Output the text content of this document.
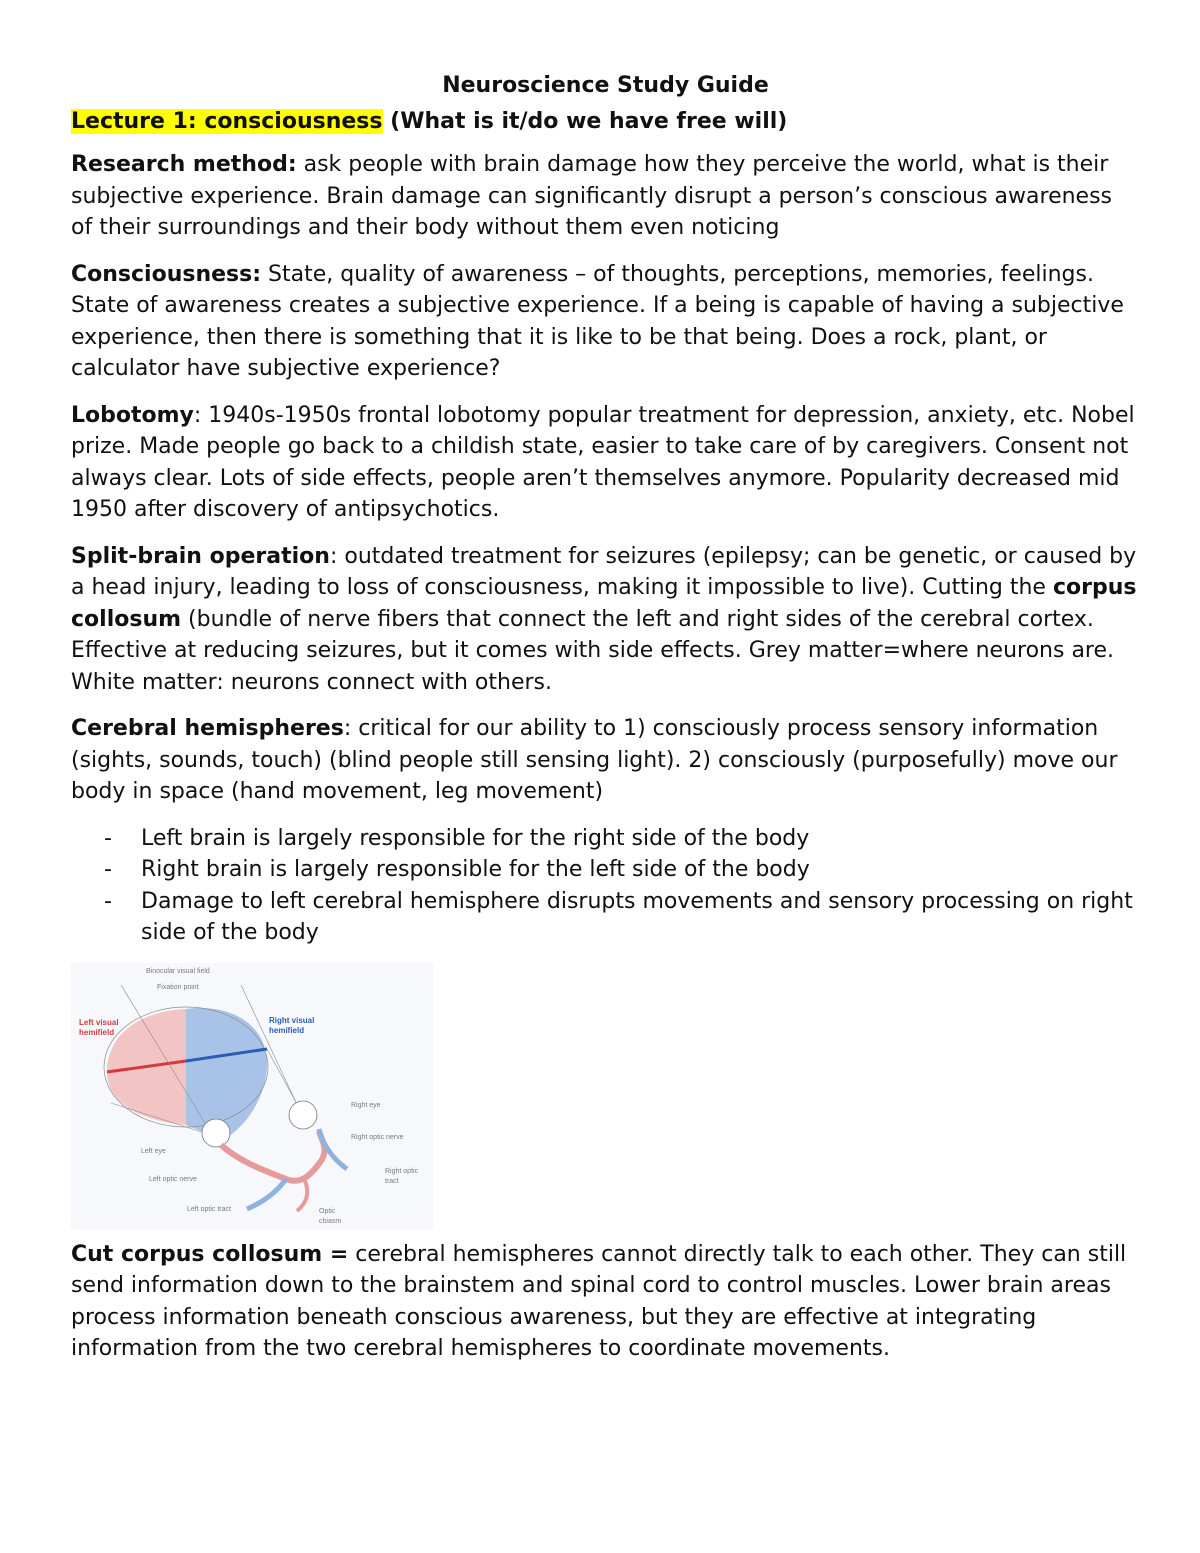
Neuroscience Study Guide
Lecture 1: consciousness (What is it/do we have free will)

Research method: ask people with brain damage how they perceive the world, what is their subjective experience. Brain damage can significantly disrupt a person’s conscious awareness of their surroundings and their body without them even noticing

Consciousness: State, quality of awareness – of thoughts, perceptions, memories, feelings. State of awareness creates a subjective experience. If a being is capable of having a subjective experience, then there is something that it is like to be that being. Does a rock, plant, or calculator have subjective experience?

Lobotomy: 1940s-1950s frontal lobotomy popular treatment for depression, anxiety, etc. Nobel prize. Made people go back to a childish state, easier to take care of by caregivers. Consent not always clear. Lots of side effects, people aren’t themselves anymore. Popularity decreased mid 1950 after discovery of antipsychotics.

Split-brain operation: outdated treatment for seizures (epilepsy; can be genetic, or caused by a head injury, leading to loss of consciousness, making it impossible to live). Cutting the corpus collosum (bundle of nerve fibers that connect the left and right sides of the cerebral cortex. Effective at reducing seizures, but it comes with side effects. Grey matter=where neurons are. White matter: neurons connect with others.

Cerebral hemispheres: critical for our ability to 1) consciously process sensory information (sights, sounds, touch) (blind people still sensing light). 2) consciously (purposefully) move our body in space (hand movement, leg movement)

- Left brain is largely responsible for the right side of the body
- Right brain is largely responsible for the left side of the body
- Damage to left cerebral hemisphere disrupts movements and sensory processing on right side of the body
Binocular visual field
Fixation point
Left visual
hemifield
Right visual
hemifield
Right eye
Right optic nerve
Left eye
Left optic nerve
Right optic
tract
Left optic tract	Optic
chiasm

Cut corpus collosum = cerebral hemispheres cannot directly talk to each other. They can still send information down to the brainstem and spinal cord to control muscles. Lower brain areas process information beneath conscious awareness, but they are effective at integrating information from the two cerebral hemispheres to coordinate movements.
